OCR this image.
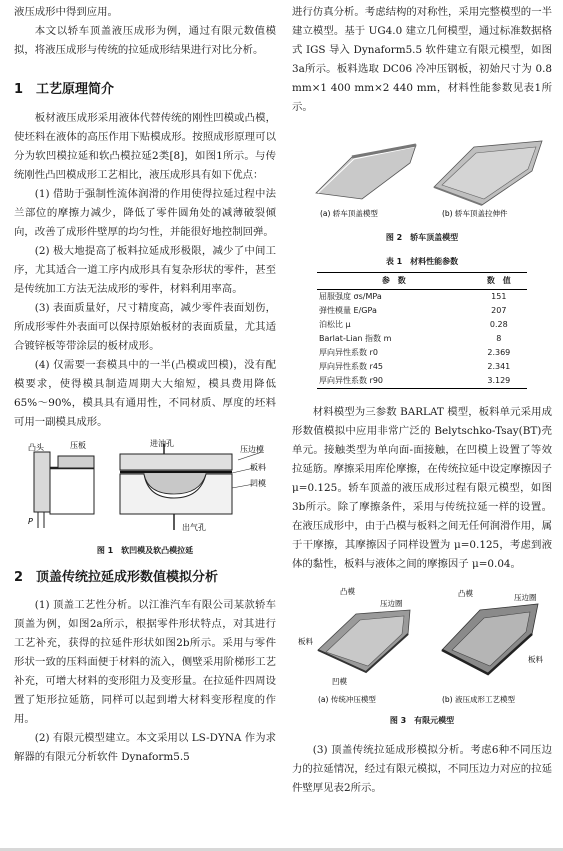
液压成形中得到应用。

本文以轿车顶盖液压成形为例，通过有限元数值模拟，将液压成形与传统的拉延成形结果进行对比分析。

1 工艺原理简介

板材液压成形采用液体代替传统的刚性凹模或凸模，使坯料在液体的高压作用下贴模成形。按照成形原理可以分为软凹模拉延和软凸模拉延2类[8]，如图1所示。与传统刚性凸凹模成形工艺相比，液压成形具有如下优点：

(1) 借助于强制性流体润滑的作用使得拉延过程中法兰部位的摩擦力减少，降低了零件圆角处的减薄破裂倾向，改善了成形件壁厚的均匀性，并能很好地控制回弹。

(2) 极大地提高了板料拉延成形极限，减少了中间工序，尤其适合一道工序内成形具有复杂形状的零件，甚至是传统加工方法无法成形的零件，材料利用率高。

(3) 表面质量好，尺寸精度高，减少零件表面划伤，所成形零件外表面可以保持原始板材的表面质量，尤其适合镀锌板等带涂层的板材成形。

(4) 仅需要一套模具中的一半(凸模或凹模)，没有配模要求，使得模具制造周期大大缩短，模具费用降低65%～90%，模具具有通用性，不同材质、厚度的坯料可用一副模具成形。

凸头	压板
P
进油孔
压边模
板料
凹模
出气孔
图 1　软凹模及软凸模拉延
2 顶盖传统拉延成形数值模拟分析

(1) 顶盖工艺性分析。以江淮汽车有限公司某款轿车顶盖为例，如图2a所示，根据零件形状特点，对其进行工艺补充，获得的拉延件形状如图2b所示。采用与零件形状一致的压料面便于材料的流入，侧壁采用阶梯形工艺补充，可增大材料的变形阻力及变形量。在拉延件四周设置了矩形拉延筋，同样可以起到增大材料变形程度的作用。

(2) 有限元模型建立。本文采用以 LS-DYNA 作为求解器的有限元分析软件 Dynaform5.5

进行仿真分析。考虑结构的对称性，采用完整模型的一半建立模型。基于 UG4.0 建立几何模型，通过标准数据格式 IGS 导入 Dynaform5.5 软件建立有限元模型，如图3a所示。板料选取 DC06 冷冲压钢板，初始尺寸为 0.8 mm×1 400 mm×2 440 mm，材料性能参数见表1所示。

(a) 轿车顶盖模型	(b) 轿车顶盖拉伸件
图 2　轿车顶盖模型
表 1　材料性能参数
参　数	数　值
屈服强度 σs/MPa	151
弹性模量 E/GPa	207
泊松比 μ	0.28
Barlat-Lian 指数 m	8
厚向异性系数 r0	2.369
厚向异性系数 r45	2.341
厚向异性系数 r90	3.129

材料模型为三参数 BARLAT 模型，板料单元采用成形数值模拟中应用非常广泛的 Belytschko-Tsay(BT)壳单元。接触类型为单向面-面接触，在凹模上设置了等效拉延筋。摩擦采用库伦摩擦，在传统拉延中设定摩擦因子 μ=0.125。轿车顶盖的液压成形过程有限元模型，如图3b所示。除了摩擦条件，采用与传统拉延一样的设置。在液压成形中，由于凸模与板料之间无任何润滑作用，属于干摩擦，其摩擦因子同样设置为 μ=0.125，考虑到液体的黏性，板料与液体之间的摩擦因子 μ=0.04。

凸模
压边圈
板料
凹模
凸模	压边圈
板料
(a) 传统冲压模型	(b) 液压成形工艺模型
图 3　有限元模型

(3) 顶盖传统拉延成形模拟分析。考虑6种不同压边力的拉延情况，经过有限元模拟，不同压边力对应的拉延件壁厚见表2所示。
